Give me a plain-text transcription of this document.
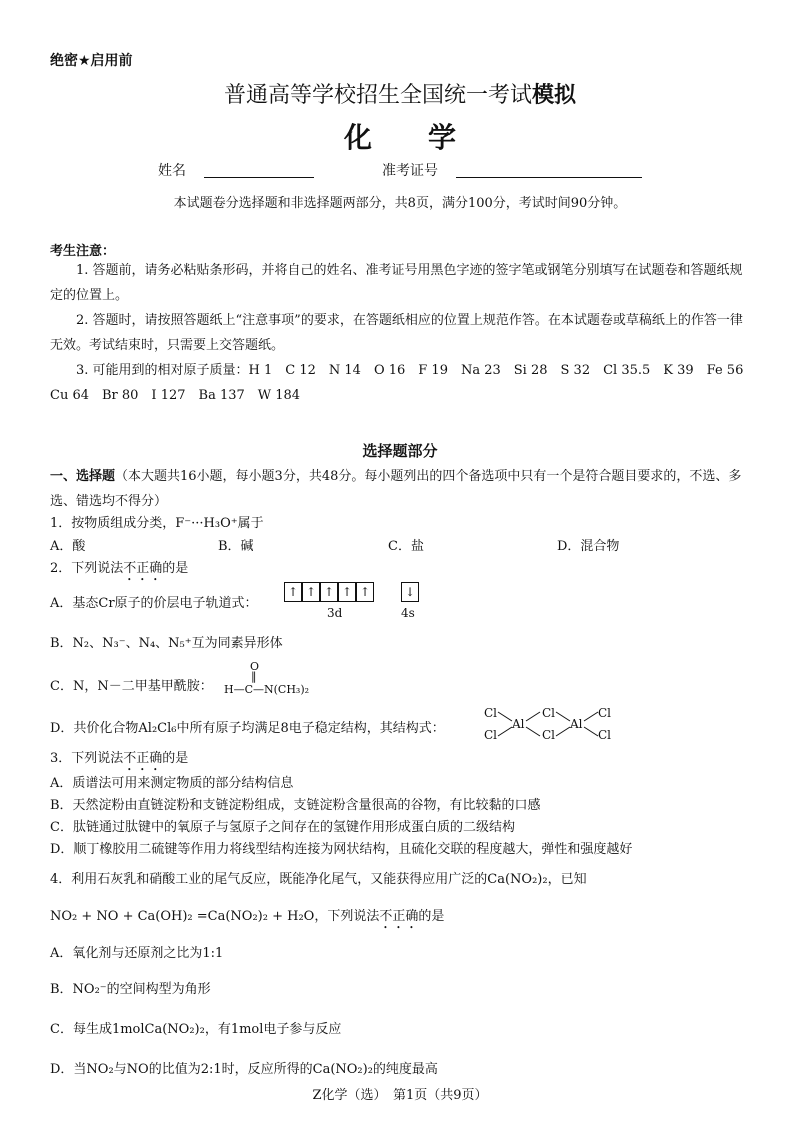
绝密★启用前
普通高等学校招生全国统一考试模拟
化　　学
姓名	准考证号
本试题卷分选择题和非选择题两部分，共8页，满分100分，考试时间90分钟。
考生注意：
1. 答题前，请务必粘贴条形码，并将自己的姓名、准考证号用黑色字迹的签字笔或钢笔分别填写在试题卷和答题纸规定的位置上。
2. 答题时，请按照答题纸上“注意事项”的要求，在答题纸相应的位置上规范作答。在本试题卷或草稿纸上的作答一律无效。考试结束时，只需要上交答题纸。
3. 可能用到的相对原子质量：H 1　C 12　N 14　O 16　F 19　Na 23　Si 28　S 32　Cl 35.5　K 39　Fe 56　Cu 64　Br 80　I 127　Ba 137　W 184
选择题部分
一、选择题（本大题共16小题，每小题3分，共48分。每小题列出的四个备选项中只有一个是符合题目要求的，不选、多选、错选均不得分）
1．按物质组成分类，F⁻···H₃O⁺属于
A．酸	B．碱	C．盐	D．混合物
2．下列说法不正确的是
A．基态Cr原子的价层电子轨道式：
↑ ↑ ↑ ↑ ↑	↓
3d	4s
B．N₂、N₃⁻、N₄、N₅⁺互为同素异形体
C．N，N－二甲基甲酰胺：
O
‖
H—C—N(CH₃)₂
D．共价化合物Al₂Cl₆中所有原子均满足8电子稳定结构，其结构式：
Cl
Cl
Al
Cl
Cl
Al
Cl
Cl
3．下列说法不正确的是
A．质谱法可用来测定物质的部分结构信息
B．天然淀粉由直链淀粉和支链淀粉组成，支链淀粉含量很高的谷物，有比较黏的口感
C．肽链通过肽键中的氧原子与氢原子之间存在的氢键作用形成蛋白质的二级结构
D．顺丁橡胶用二硫键等作用力将线型结构连接为网状结构，且硫化交联的程度越大，弹性和强度越好
4．利用石灰乳和硝酸工业的尾气反应，既能净化尾气，又能获得应用广泛的Ca(NO₂)₂，已知
NO₂ + NO + Ca(OH)₂ =Ca(NO₂)₂ + H₂O，下列说法不正确的是
A．氧化剂与还原剂之比为1:1
B．NO₂⁻的空间构型为角形
C．每生成1molCa(NO₂)₂，有1mol电子参与反应
D．当NO₂与NO的比值为2:1时，反应所得的Ca(NO₂)₂的纯度最高
Z化学（选）　第1页（共9页）
